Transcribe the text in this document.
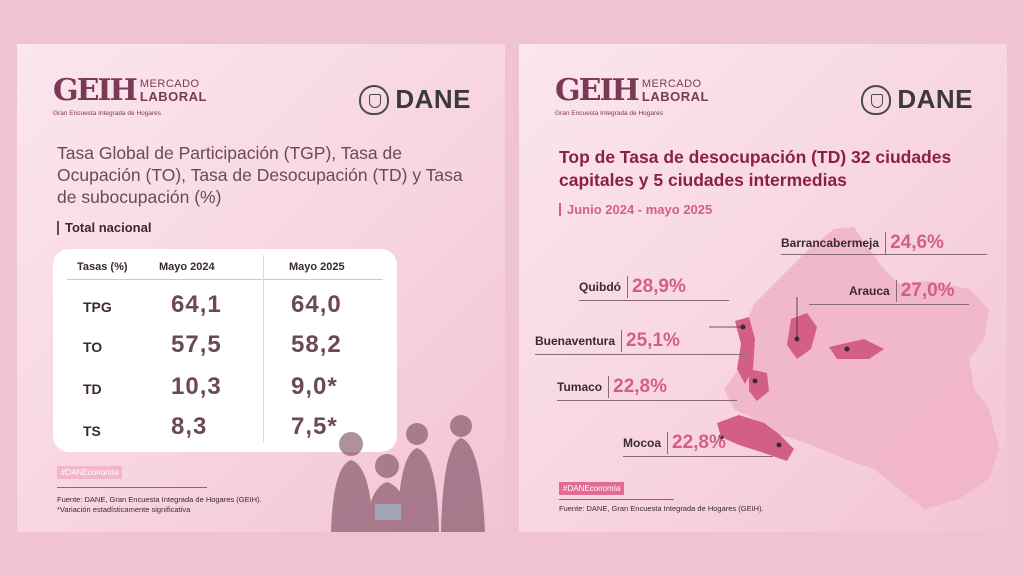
GEIH MERCADO
LABORAL
Gran Encuesta Integrada de Hogares	DANE
Tasa Global de Participación (TGP), Tasa de Ocupación (TO), Tasa de Desocupación (TD) y Tasa de subocupación (%)
Total nacional
Tasas (%)	Mayo 2024	Mayo 2025
TPG 64,1	64,0
TO	57,5	58,2
TD	10,3	9,0*
TS	8,3	7,5*
#DANEconomía
Fuente: DANE, Gran Encuesta Integrada de Hogares (GEIH).
*Variación estadísticamente significativa
GEIH MERCADO
LABORAL
Gran Encuesta Integrada de Hogares	DANE
Top de Tasa de desocupación (TD) 32 ciudades capitales y 5 ciudades intermedias
Junio 2024 - mayo 2025
Barrancabermeja 24,6%
Quibdó 28,9%	Arauca 27,0%
Buenaventura 25,1%
Tumaco 22,8%
Mocoa 22,8%
#DANEconomía
Fuente: DANE, Gran Encuesta Integrada de Hogares (GEIH).
